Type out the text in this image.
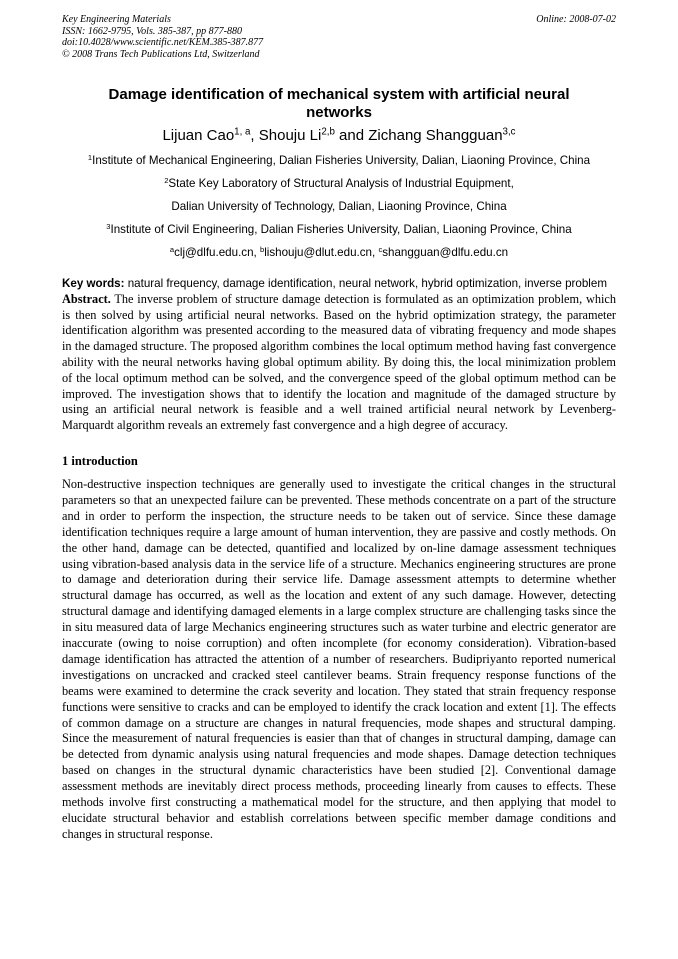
Key Engineering Materials
ISSN: 1662-9795, Vols. 385-387, pp 877-880
doi:10.4028/www.scientific.net/KEM.385-387.877
© 2008 Trans Tech Publications Ltd, Switzerland
Online: 2008-07-02
Damage identification of mechanical system with artificial neural networks
Lijuan Cao$^{1, a}$, Shouju Li$^{2,b}$ and Zichang Shangguan$^{3,c}$
$^1$Institute of Mechanical Engineering, Dalian Fisheries University, Dalian, Liaoning Province, China
$^2$State Key Laboratory of Structural Analysis of Industrial Equipment,
Dalian University of Technology, Dalian, Liaoning Province, China
$^3$Institute of Civil Engineering, Dalian Fisheries University, Dalian, Liaoning Province, China
$^a$clj@dlfu.edu.cn, $^b$lishouju@dlut.edu.cn, $^c$shangguan@dlfu.edu.cn
Key words: natural frequency, damage identification, neural network, hybrid optimization, inverse problem
Abstract. The inverse problem of structure damage detection is formulated as an optimization problem, which is then solved by using artificial neural networks. Based on the hybrid optimization strategy, the parameter identification algorithm was presented according to the measured data of vibrating frequency and mode shapes in the damaged structure. The proposed algorithm combines the local optimum method having fast convergence ability with the neural networks having global optimum ability. By doing this, the local minimization problem of the local optimum method can be solved, and the convergence speed of the global optimum method can be improved. The investigation shows that to identify the location and magnitude of the damaged structure by using an artificial neural network is feasible and a well trained artificial neural network by Levenberg-Marquardt algorithm reveals an extremely fast convergence and a high degree of accuracy.
1 introduction
Non-destructive inspection techniques are generally used to investigate the critical changes in the structural parameters so that an unexpected failure can be prevented. These methods concentrate on a part of the structure and in order to perform the inspection, the structure needs to be taken out of service. Since these damage identification techniques require a large amount of human intervention, they are passive and costly methods. On the other hand, damage can be detected, quantified and localized by on-line damage assessment techniques using vibration-based analysis data in the service life of a structure. Mechanics engineering structures are prone to damage and deterioration during their service life. Damage assessment attempts to determine whether structural damage has occurred, as well as the location and extent of any such damage. However, detecting structural damage and identifying damaged elements in a large complex structure are challenging tasks since the in situ measured data of large Mechanics engineering structures such as water turbine and electric generator are inaccurate (owing to noise corruption) and often incomplete (for economy consideration). Vibration-based damage identification has attracted the attention of a number of researchers. Budipriyanto reported numerical investigations on uncracked and cracked steel cantilever beams. Strain frequency response functions of the beams were examined to determine the crack severity and location. They stated that strain frequency response functions were sensitive to cracks and can be employed to identify the crack location and extent [1]. The effects of common damage on a structure are changes in natural frequencies, mode shapes and structural damping. Since the measurement of natural frequencies is easier than that of changes in structural damping, damage can be detected from dynamic analysis using natural frequencies and mode shapes. Damage detection techniques based on changes in the structural dynamic characteristics have been studied [2]. Conventional damage assessment methods are inevitably direct process methods, proceeding linearly from causes to effects. These methods involve first constructing a mathematical model for the structure, and then applying that model to elucidate structural behavior and establish correlations between specific member damage conditions and changes in structural response.
